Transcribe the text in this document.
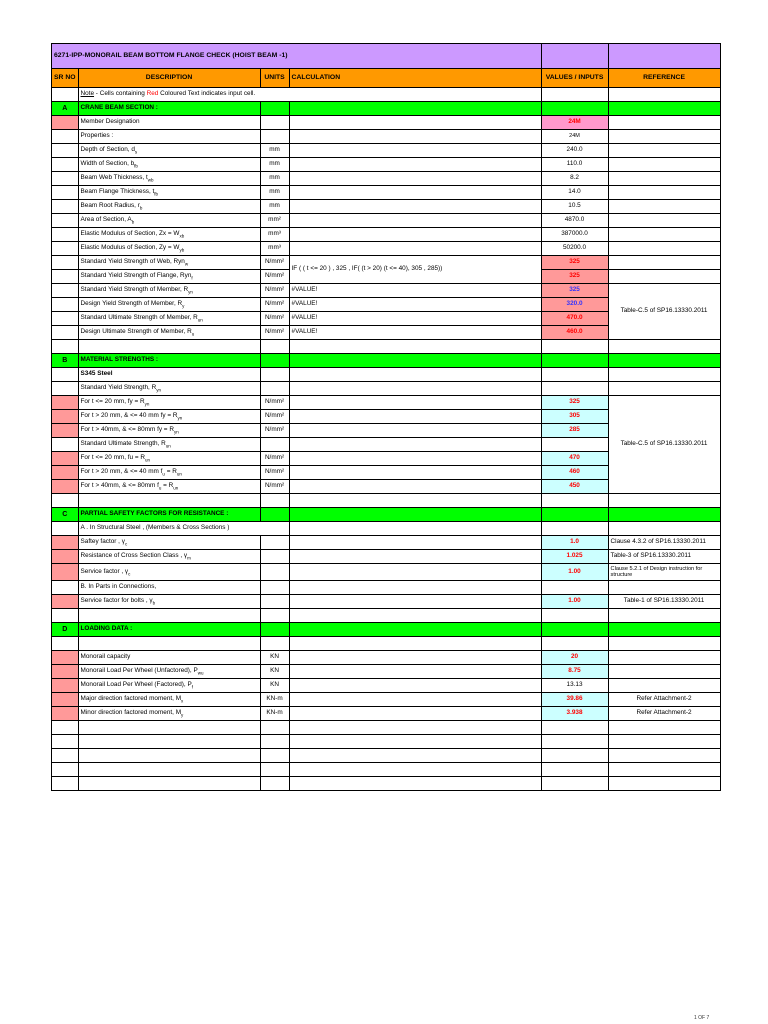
6271-IPP-MONORAIL BEAM BOTTOM FLANGE CHECK (HOIST BEAM -1)					
SR NO	DESCRIPTION	UNITS	CALCULATION	VALUES / INPUTS	REFERENCE
	Note - Cells containing Red Coloured Text indicates input cell.				
A	CRANE BEAM SECTION :				
	Member Designation			24M	
	Properties :			24M	
	Depth of Section, $d_s$	mm		240.0	
	Width of Section, $b_{fb}$	mm		110.0	
	Beam Web Thickness, $t_{wb}$	mm		8.2	
	Beam Flange Thickness, $t_{fb}$	mm		14.0	
	Beam Root Radius, $r_b$	mm		10.5	
	Area of Section, $A_b$	mm²		4870.0	
	Elastic Modulus of Section, $Zx = W_{xb}$	mm³		387000.0	
	Elastic Modulus of Section, $Zy = W_{yb}$	mm³		50200.0	
	Standard Yield Strength of Web, Ryn$_w$	N/mm²	IF ( ( t <= 20 ) , 325 , IF( (t > 20) (t <= 40), 305 , 285))	325	
	Standard Yield Strength of Flange, Ryn$_f$	N/mm²		325	
	Standard Yield Strength of Member, $R_{yn}$	N/mm²	#VALUE!	325	Table-C.5 of SP16.13330.2011
	Design Yield Strength of Member, $R_y$	N/mm²	#VALUE!	320.0	
	Standard Ultimate Strength of Member, $R_{un}$	N/mm²	#VALUE!	470.0	
	Design Ultimate Strength of Member, $R_u$	N/mm²	#VALUE!	460.0	

B	MATERIAL STRENGTHS :				
	S345 Steel				
	Standard Yield Strength, $R_{yn}$				
	For t <= 20 mm, fy = $R_{yn}$	N/mm²		325	Table-C.5 of SP16.13330.2011
	For t > 20 mm, & <= 40 mm fy = $R_{yn}$	N/mm²		305	
	For t > 40mm, & <= 80mm fy = $R_{yn}$	N/mm²		285	
	Standard Ultimate Strength, $R_{un}$			
	For t <= 20 mm, fu = $R_{un}$	N/mm²		470	
	For t > 20 mm, & <= 40 mm $f_u = R_{un}$	N/mm²		460	
	For t > 40mm, & <= 80mm $f_u = R_{un}$	N/mm²		450	

C	PARTIAL SAFETY FACTORS FOR RESISTANCE :				
	A . In Structural Steel , (Members & Cross Sections )				
	Saftey factor , $\gamma_c$			1.0	Clause 4.3.2 of SP16.13330.2011
	Resistance of Cross Section Class , $\gamma_m$			1.025	Table-3 of SP16.13330.2011
	Service factor , $\gamma_c$			1.00	Clause 5.2.1 of Design instruction for structure
	B. In Parts in Connections,				
	Service factor for bolts , $\gamma_b$			1.00	Table-1 of SP16.13330.2011

D	LOADING DATA :				

	Monorail capacity	KN		20	
	Monorail Load Per Wheel (Unfactored), $P_{wu}$	KN		8.75	
	Monorail Load Per Wheel (Factored), $P_f$	KN		13.13	
	Major direction factored moment, $M_x$	KN-m		39.86	Refer Attachment-2
	Minor direction factored moment, $M_y$	KN-m		3.938	Refer Attachment-2

1 OF 7
